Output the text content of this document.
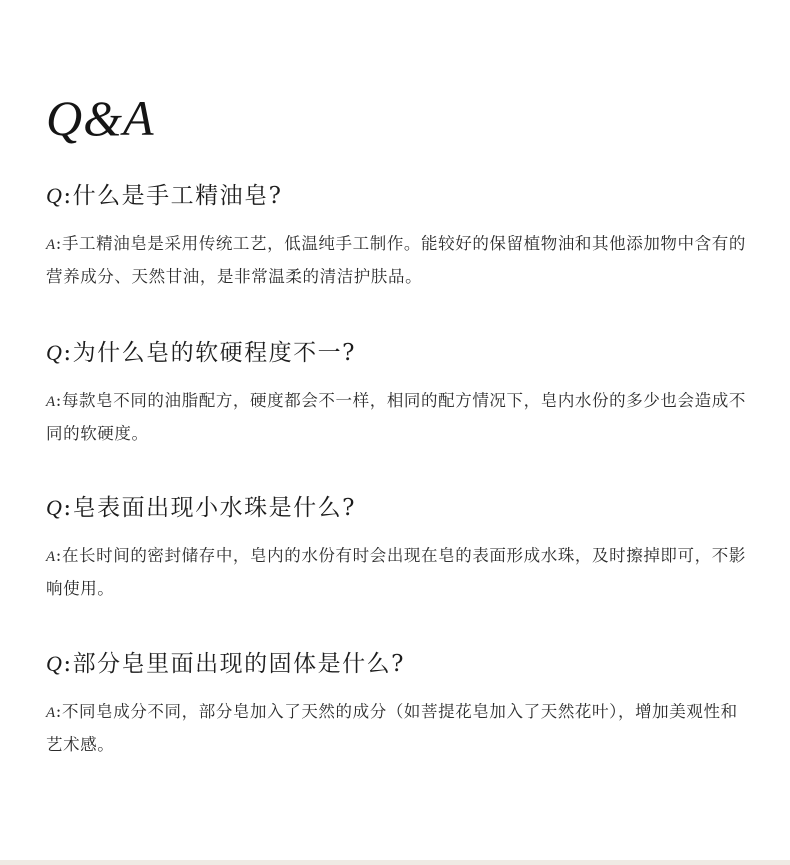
Q&A
Q:什么是手工精油皂?
A:手工精油皂是采用传统工艺，低温纯手工制作。能较好的保留植物油和其他添加物中含有的营养成分、天然甘油，是非常温柔的清洁护肤品。
Q:为什么皂的软硬程度不一?
A:每款皂不同的油脂配方，硬度都会不一样，相同的配方情况下，皂内水份的多少也会造成不同的软硬度。
Q:皂表面出现小水珠是什么?
A:在长时间的密封储存中，皂内的水份有时会出现在皂的表面形成水珠，及时擦掉即可，不影响使用。
Q:部分皂里面出现的固体是什么?
A:不同皂成分不同，部分皂加入了天然的成分（如菩提花皂加入了天然花叶），增加美观性和艺术感。
